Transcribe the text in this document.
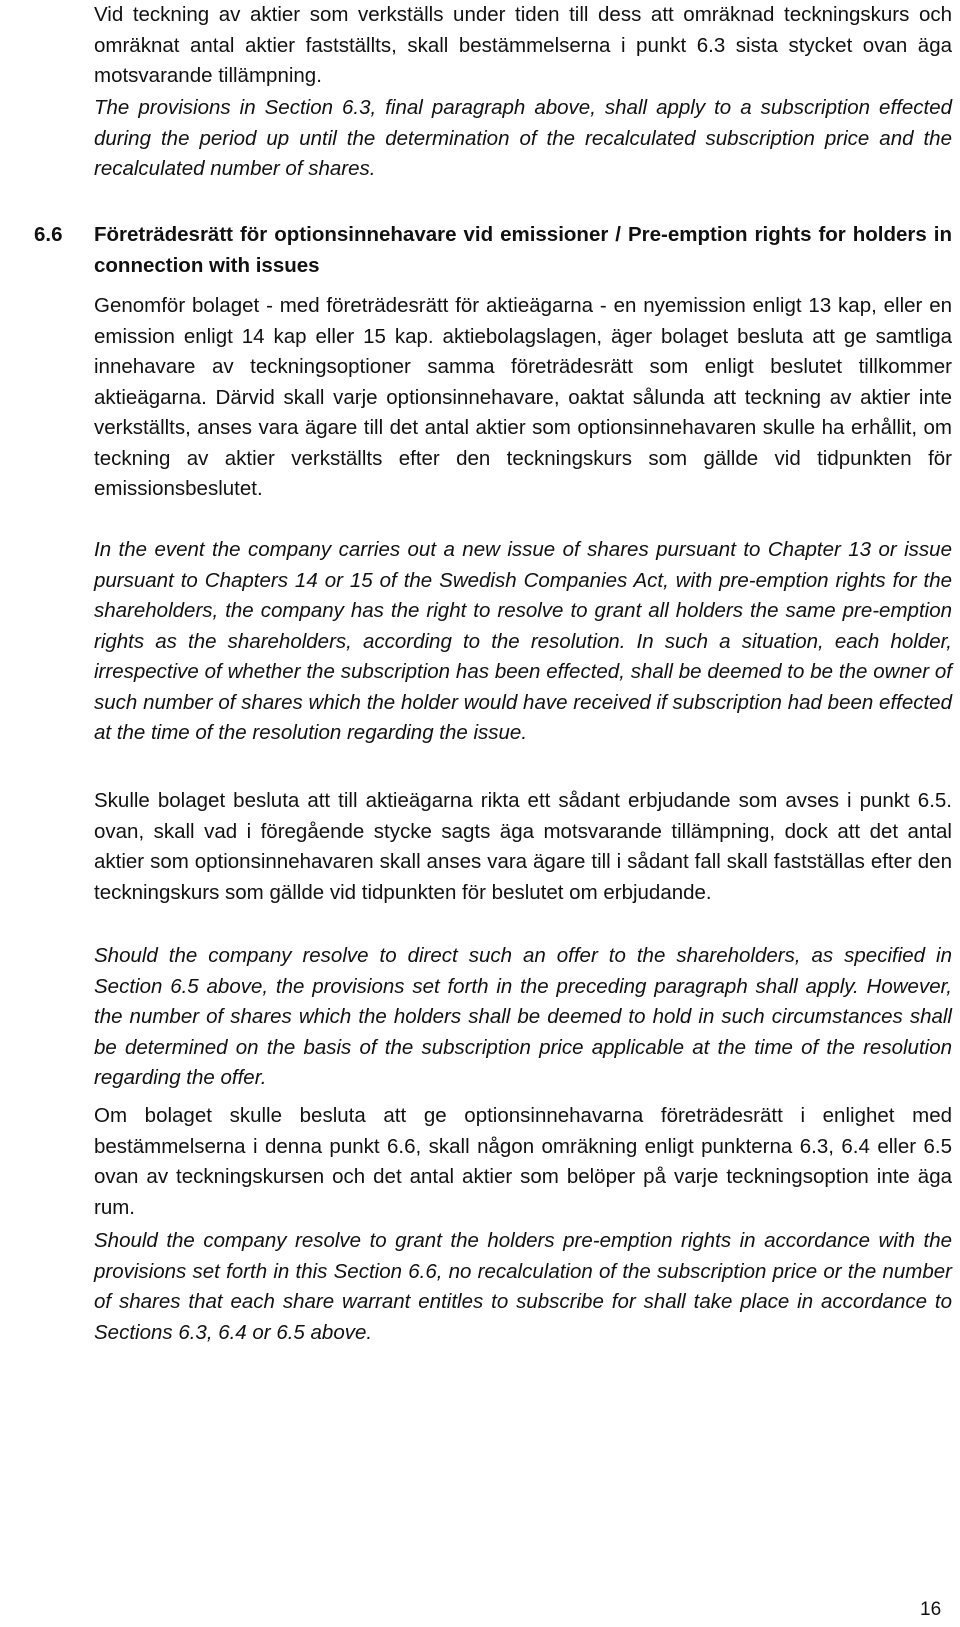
Vid teckning av aktier som verkställs under tiden till dess att omräknad teckningskurs och omräknat antal aktier fastställts, skall bestämmelserna i punkt 6.3 sista stycket ovan äga motsvarande tillämpning.

The provisions in Section 6.3, final paragraph above, shall apply to a subscription effected during the period up until the determination of the recalculated subscription price and the recalculated number of shares.

6.6 Företrädesrätt för optionsinnehavare vid emissioner / Pre-emption rights for holders in connection with issues

Genomför bolaget - med företrädesrätt för aktieägarna - en nyemission enligt 13 kap, eller en emission enligt 14 kap eller 15 kap. aktiebolagslagen, äger bolaget besluta att ge samtliga innehavare av teckningsoptioner samma företrädesrätt som enligt beslutet tillkommer aktieägarna. Därvid skall varje optionsinnehavare, oaktat sålunda att teckning av aktier inte verkställts, anses vara ägare till det antal aktier som optionsinnehavaren skulle ha erhållit, om teckning av aktier verkställts efter den teckningskurs som gällde vid tidpunkten för emissionsbeslutet.

In the event the company carries out a new issue of shares pursuant to Chapter 13 or issue pursuant to Chapters 14 or 15 of the Swedish Companies Act, with pre-emption rights for the shareholders, the company has the right to resolve to grant all holders the same pre-emption rights as the shareholders, according to the resolution. In such a situation, each holder, irrespective of whether the subscription has been effected, shall be deemed to be the owner of such number of shares which the holder would have received if subscription had been effected at the time of the resolution regarding the issue.

Skulle bolaget besluta att till aktieägarna rikta ett sådant erbjudande som avses i punkt 6.5. ovan, skall vad i föregående stycke sagts äga motsvarande tillämpning, dock att det antal aktier som optionsinnehavaren skall anses vara ägare till i sådant fall skall fastställas efter den teckningskurs som gällde vid tidpunkten för beslutet om erbjudande.

Should the company resolve to direct such an offer to the shareholders, as specified in Section 6.5 above, the provisions set forth in the preceding paragraph shall apply. However, the number of shares which the holders shall be deemed to hold in such circumstances shall be determined on the basis of the subscription price applicable at the time of the resolution regarding the offer.

Om bolaget skulle besluta att ge optionsinnehavarna företrädesrätt i enlighet med bestämmelserna i denna punkt 6.6, skall någon omräkning enligt punkterna 6.3, 6.4 eller 6.5 ovan av teckningskursen och det antal aktier som belöper på varje teckningsoption inte äga rum.

Should the company resolve to grant the holders pre-emption rights in accordance with the provisions set forth in this Section 6.6, no recalculation of the subscription price or the number of shares that each share warrant entitles to subscribe for shall take place in accordance to Sections 6.3, 6.4 or 6.5 above.

16
